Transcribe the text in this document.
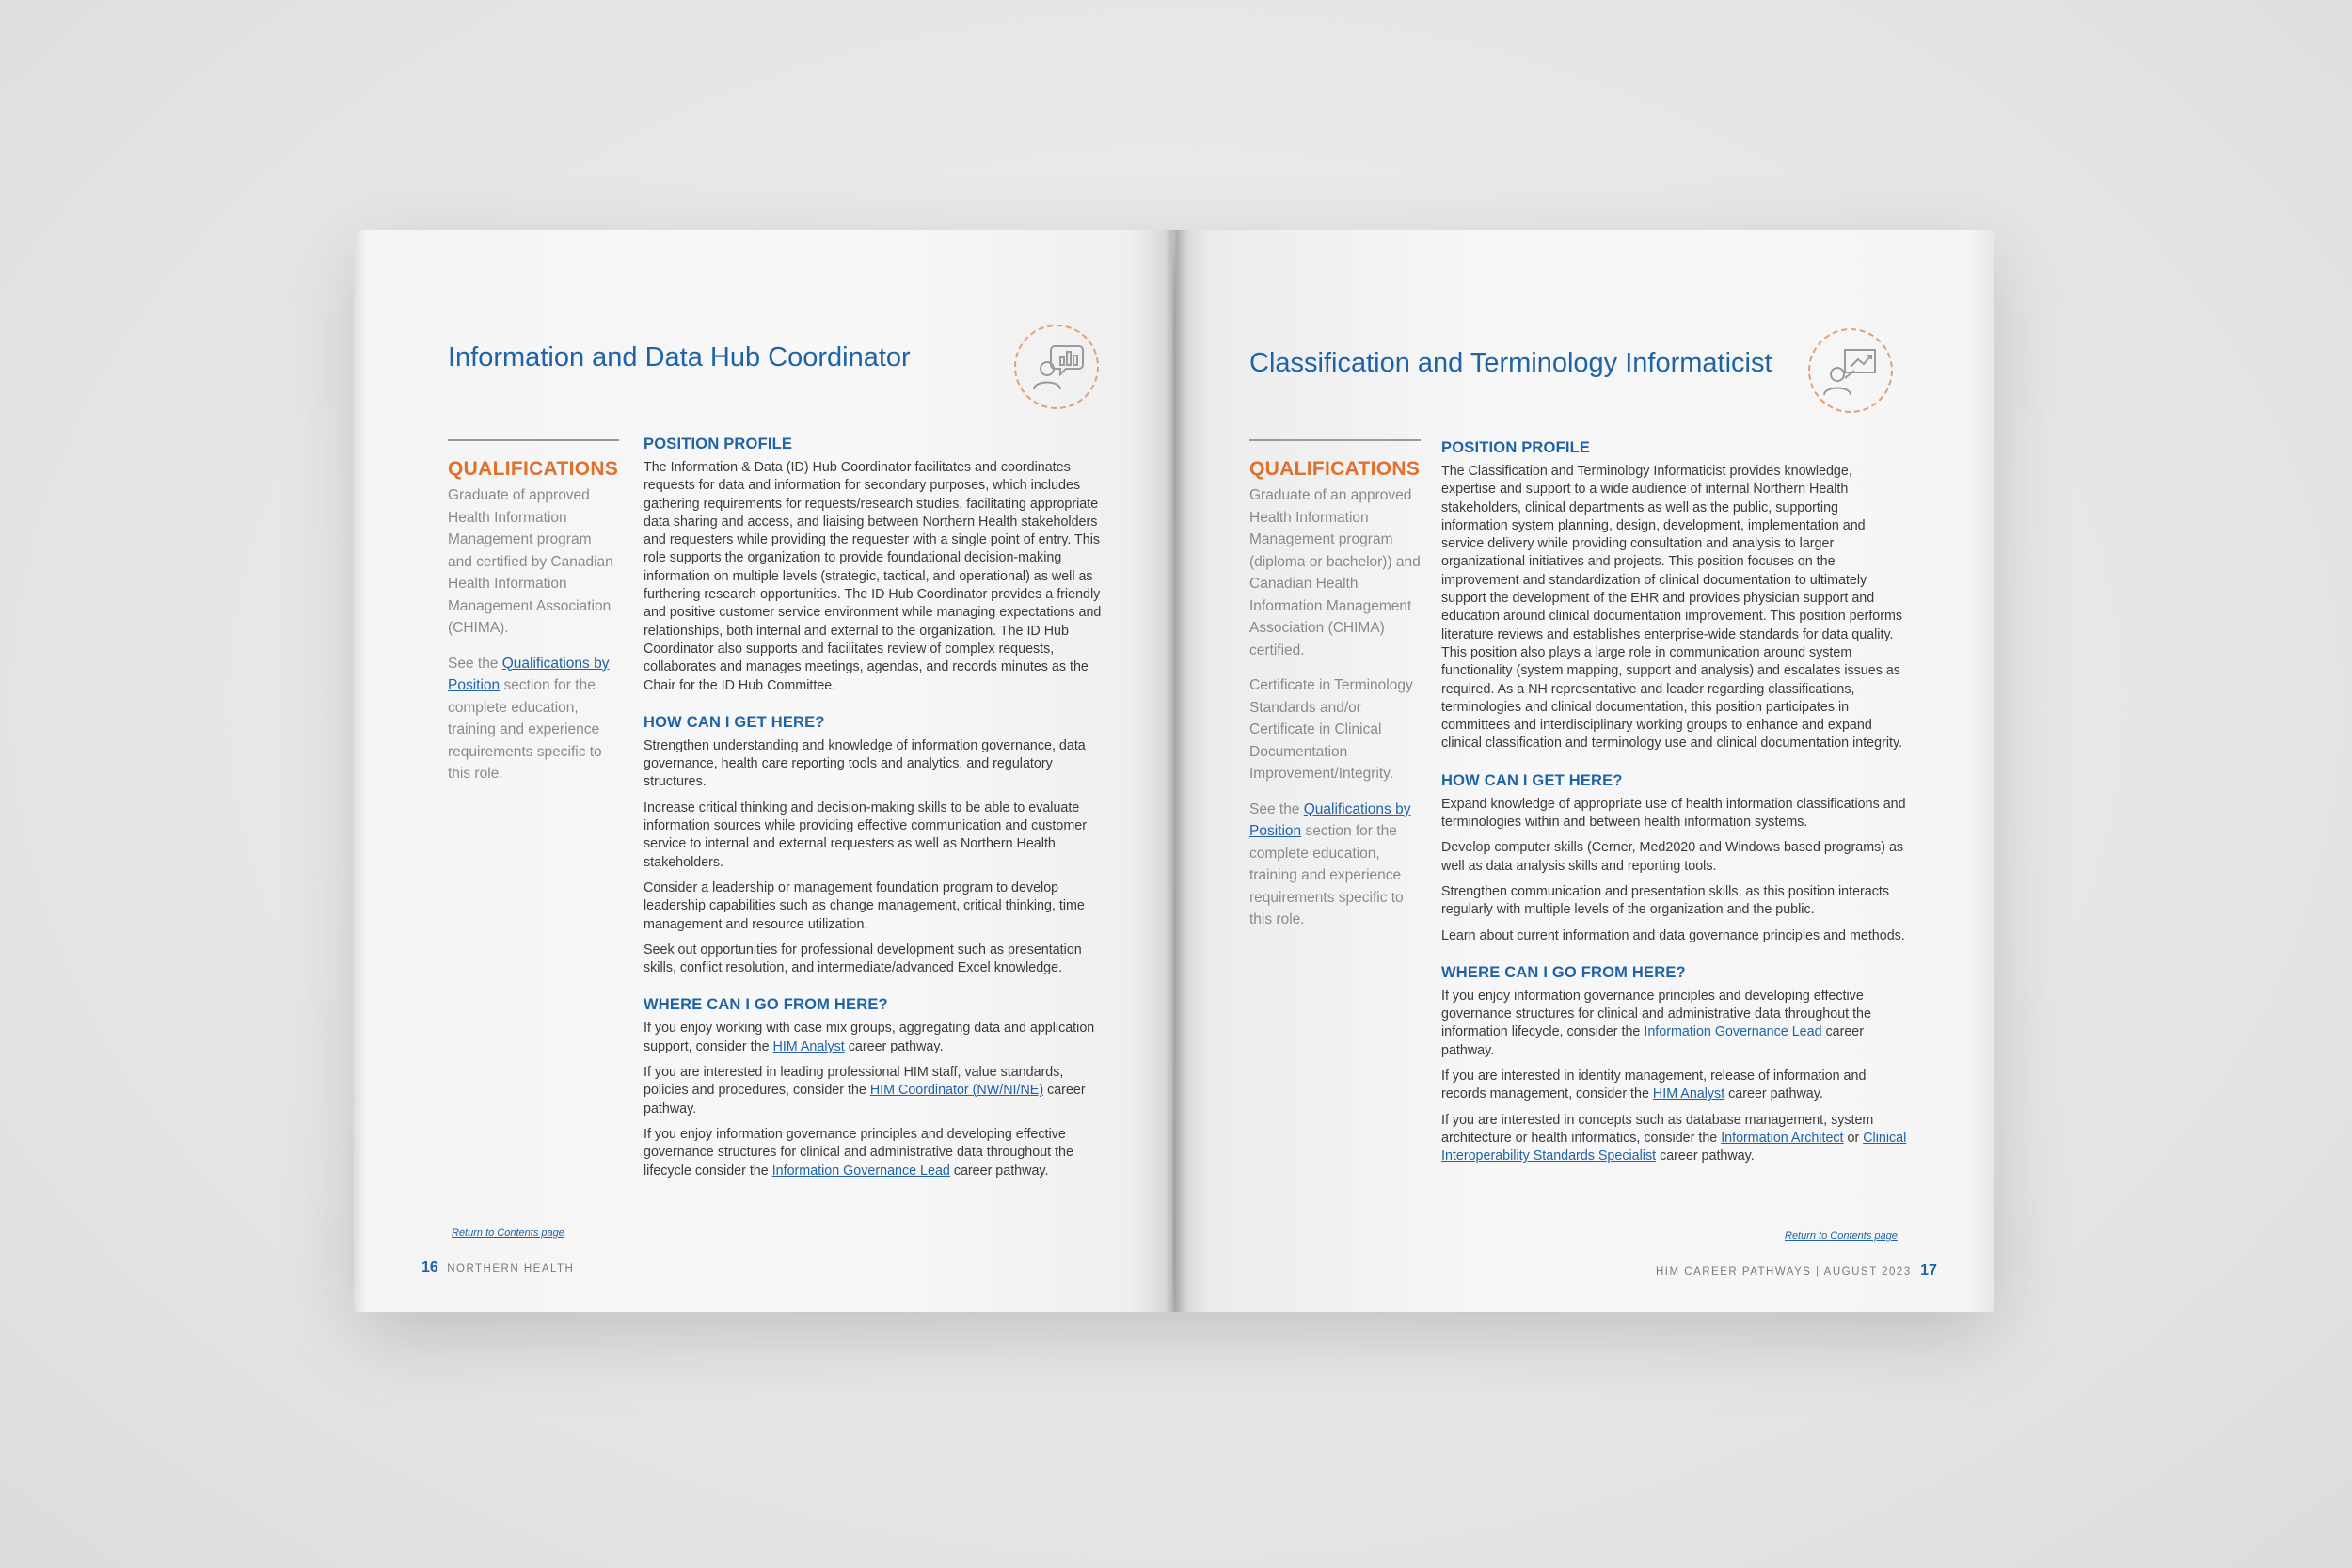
Information and Data Hub Coordinator
QUALIFICATIONS

Graduate of approved Health Information Management program and certified by Canadian Health Information Management Association (CHIMA).

See the Qualifications by Position section for the complete education, training and experience requirements specific to this role.

POSITION PROFILE

The Information & Data (ID) Hub Coordinator facilitates and coordinates requests for data and information for secondary purposes, which includes gathering requirements for requests/research studies, facilitating appropriate data sharing and access, and liaising between Northern Health stakeholders and requesters while providing the requester with a single point of entry. This role supports the organization to provide foundational decision-making information on multiple levels (strategic, tactical, and operational) as well as furthering research opportunities. The ID Hub Coordinator provides a friendly and positive customer service environment while managing expectations and relationships, both internal and external to the organization. The ID Hub Coordinator also supports and facilitates review of complex requests, collaborates and manages meetings, agendas, and records minutes as the Chair for the ID Hub Committee.

HOW CAN I GET HERE?

Strengthen understanding and knowledge of information governance, data governance, health care reporting tools and analytics, and regulatory structures.

Increase critical thinking and decision-making skills to be able to evaluate information sources while providing effective communication and customer service to internal and external requesters as well as Northern Health stakeholders.

Consider a leadership or management foundation program to develop leadership capabilities such as change management, critical thinking, time management and resource utilization.

Seek out opportunities for professional development such as presentation skills, conflict resolution, and intermediate/advanced Excel knowledge.

WHERE CAN I GO FROM HERE?

If you enjoy working with case mix groups, aggregating data and application support, consider the HIM Analyst career pathway.

If you are interested in leading professional HIM staff, value standards, policies and procedures, consider the HIM Coordinator (NW/NI/NE) career pathway.

If you enjoy information governance principles and developing effective governance structures for clinical and administrative data throughout the lifecycle consider the Information Governance Lead career pathway.

Return to Contents page
16 NORTHERN HEALTH
Classification and Terminology Informaticist
QUALIFICATIONS

Graduate of an approved Health Information Management program (diploma or bachelor)) and Canadian Health Information Management Association (CHIMA) certified.

Certificate in Terminology Standards and/or Certificate in Clinical Documentation Improvement/Integrity.

See the Qualifications by Position section for the complete education, training and experience requirements specific to this role.

POSITION PROFILE

The Classification and Terminology Informaticist provides knowledge, expertise and support to a wide audience of internal Northern Health stakeholders, clinical departments as well as the public, supporting information system planning, design, development, implementation and service delivery while providing consultation and analysis to larger organizational initiatives and projects. This position focuses on the improvement and standardization of clinical documentation to ultimately support the development of the EHR and provides physician support and education around clinical documentation improvement. This position performs literature reviews and establishes enterprise-wide standards for data quality. This position also plays a large role in communication around system functionality (system mapping, support and analysis) and escalates issues as required. As a NH representative and leader regarding classifications, terminologies and clinical documentation, this position participates in committees and interdisciplinary working groups to enhance and expand clinical classification and terminology use and clinical documentation integrity.

HOW CAN I GET HERE?

Expand knowledge of appropriate use of health information classifications and terminologies within and between health information systems.

Develop computer skills (Cerner, Med2020 and Windows based programs) as well as data analysis skills and reporting tools.

Strengthen communication and presentation skills, as this position interacts regularly with multiple levels of the organization and the public.

Learn about current information and data governance principles and methods.

WHERE CAN I GO FROM HERE?

If you enjoy information governance principles and developing effective governance structures for clinical and administrative data throughout the information lifecycle, consider the Information Governance Lead career pathway.

If you are interested in identity management, release of information and records management, consider the HIM Analyst career pathway.

If you are interested in concepts such as database management, system architecture or health informatics, consider the Information Architect or Clinical Interoperability Standards Specialist career pathway.

Return to Contents page
HIM CAREER PATHWAYS | AUGUST 2023 17
